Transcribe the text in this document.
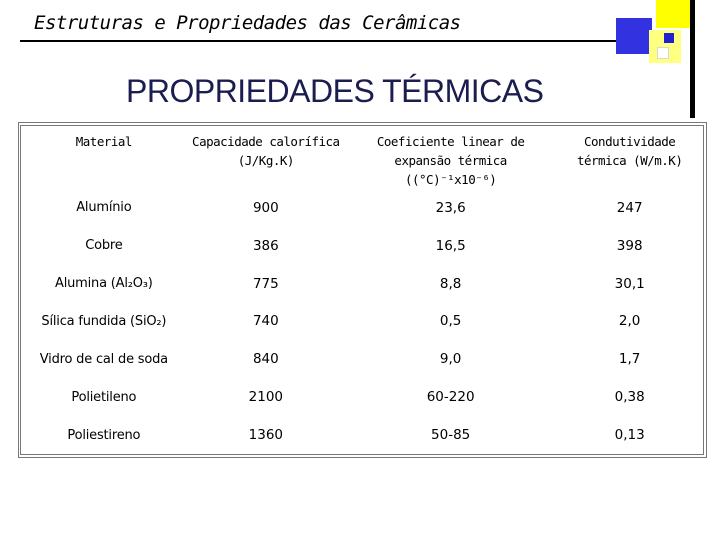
Estruturas e Propriedades das Cerâmicas
PROPRIEDADES TÉRMICAS
Material	Capacidade calorífica (J/Kg.K)	Coeficiente linear de expansão térmica ((°C)⁻¹x10⁻⁶)	Condutividade térmica (W/m.K)
Alumínio	900	23,6	247
Cobre	386	16,5	398
Alumina (Al₂O₃)	775	8,8	30,1
Sílica fundida (SiO₂)	740	0,5	2,0
Vidro de cal de soda	840	9,0	1,7
Polietileno	2100	60-220	0,38
Poliestireno	1360	50-85	0,13
